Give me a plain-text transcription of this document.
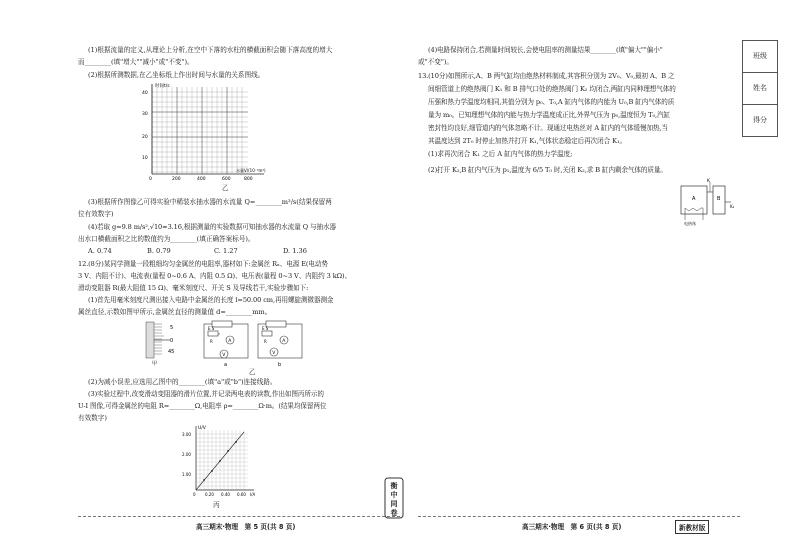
(1)根据流量的定义,从理论上分析,在空中下落的水柱的横截面积会随下落高度的增大
而________(填"增大""减小"或"不变")。
(2)根据所测数据,在乙坐标纸上作出时间与水量的关系图线。
时间t/s
40
30
20
10
0	200	400	600	800
水量V/(10⁻⁶m³)
乙
(3)根据所作图像乙可得实验中稀装水抽水器的水流量 Q=________m³/s(结果保留两
位有效数字)
(4)若取 g=9.8 m/s²,√10≈3.16,根据测量的实验数据可知抽水器的水流量 Q 与抽水器
出水口横截面积之比的数值约为________(填正确答案标号)。
A. 0.74	B. 0.79	C. 1.27	D. 1.36
12.(8分)某同学测量一段粗细均匀金属丝的电阻率,器材如下:金属丝 Rₓ、电源 E(电动势
3 V、内阻不计)、电流表(量程 0~0.6 A、内阻 0.5 Ω)、电压表(量程 0~3 V、内阻约 3 kΩ)、
滑动变阻器 R(最大阻值 15 Ω)、毫米刻度尺、开关 S 及导线若干,实验步骤如下:
(1)首先用毫米刻度尺测出接入电路中金属丝的长度 l=50.00 cm,再用螺旋测微器测金
属丝直径,示数如图甲所示,金属丝直径的测量值 d=________mm。
5
0
45
甲
A
V
E S
R
a
A
V
E S
R
b
乙
(2)为减小误差,应选用乙图中的________(填"a"或"b")连接线路。
(3)实验过程中,改变滑动变阻器的滑片位置,并记录两电表的读数,作出如图丙所示的
U-I 图像,可得金属丝的电阻 R=________Ω,电阻率 ρ=________Ω·m。(结果均保留两位
有效数字)
U/V
3.00
2.00
1.00
0 0.20 0.40 0.60 I/A
丙
衡
中
同
卷
高三期末·物理　第 5 页(共 8 页)
(4)电路保持闭合,若测量时间较长,会使电阻率的测量结果________(填"偏大""偏小"
或"不变")。
13.(10分)如图所示,A、B 两气缸均由绝热材料制成,其容积分别为 2V₀、V₀,最初 A、B 之
间细管道上的绝热阀门 K₁ 和 B 排气口处的绝热阀门 K₂ 均闭合,两缸内同种理想气体的
压强和热力学温度均相同,其值分别为 p₀、T₀,A 缸内气体的内能为 U₀,B 缸内气体的质
量为 m₀。已知理想气体的内能与热力学温度成正比,外界气压为 p₀,温度恒为 T₀,汽缸
密封性均良好,细管道内的气体忽略不计。现通过电热丝对 A 缸内的气体缓慢加热,当
其温度达到 2T₀ 时停止加热并打开 K₁,气体状态稳定后再次闭合 K₁。
(1)求再次闭合 K₁ 之后 A 缸内气体的热力学温度;
(2)打开 K₂,B 缸内气压为 p₁,温度为 6/5 T₀ 时,关闭 K₂,求 B 缸内剩余气体的质量。
A	B
K
K₂
电热丝
高三期末·物理　第 6 页(共 8 页)	新教材版
班级
姓名
得分
